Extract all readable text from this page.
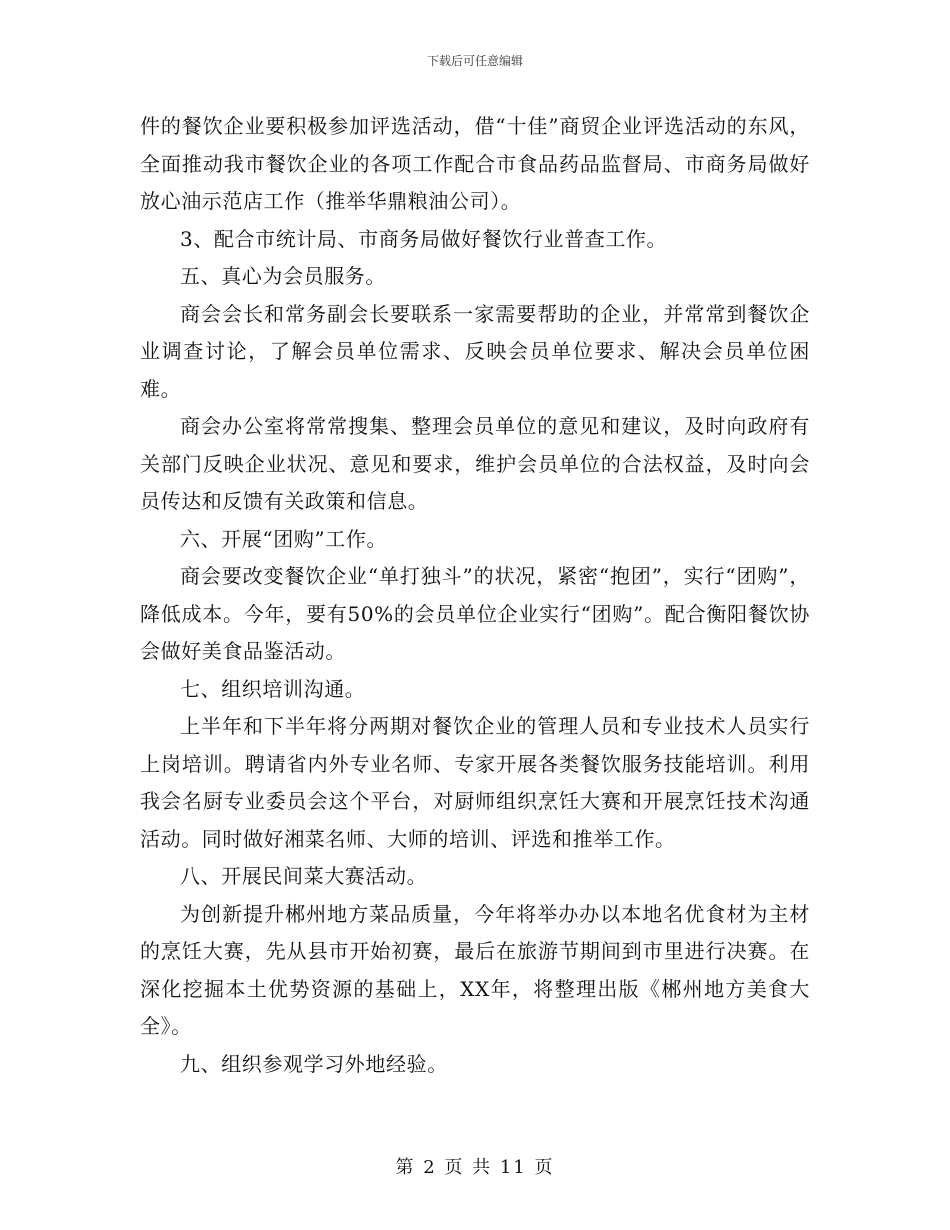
下载后可任意编辑

件的餐饮企业要积极参加评选活动，借“十佳”商贸企业评选活动的东风，全面推动我市餐饮企业的各项工作配合市食品药品监督局、市商务局做好放心油示范店工作（推举华鼎粮油公司）。

3、配合市统计局、市商务局做好餐饮行业普查工作。

五、真心为会员服务。

商会会长和常务副会长要联系一家需要帮助的企业，并常常到餐饮企业调查讨论，了解会员单位需求、反映会员单位要求、解决会员单位困难。

商会办公室将常常搜集、整理会员单位的意见和建议，及时向政府有关部门反映企业状况、意见和要求，维护会员单位的合法权益，及时向会员传达和反馈有关政策和信息。

六、开展“团购”工作。

商会要改变餐饮企业“单打独斗”的状况，紧密“抱团”，实行“团购”，降低成本。今年，要有50%的会员单位企业实行“团购”。配合衡阳餐饮协会做好美食品鉴活动。

七、组织培训沟通。

上半年和下半年将分两期对餐饮企业的管理人员和专业技术人员实行上岗培训。聘请省内外专业名师、专家开展各类餐饮服务技能培训。利用我会名厨专业委员会这个平台，对厨师组织烹饪大赛和开展烹饪技术沟通活动。同时做好湘菜名师、大师的培训、评选和推举工作。

八、开展民间菜大赛活动。

为创新提升郴州地方菜品质量，今年将举办办以本地名优食材为主材的烹饪大赛，先从县市开始初赛，最后在旅游节期间到市里进行决赛。在深化挖掘本土优势资源的基础上，XX年，将整理出版《郴州地方美食大全》。

九、组织参观学习外地经验。

第 2 页 共 11 页
